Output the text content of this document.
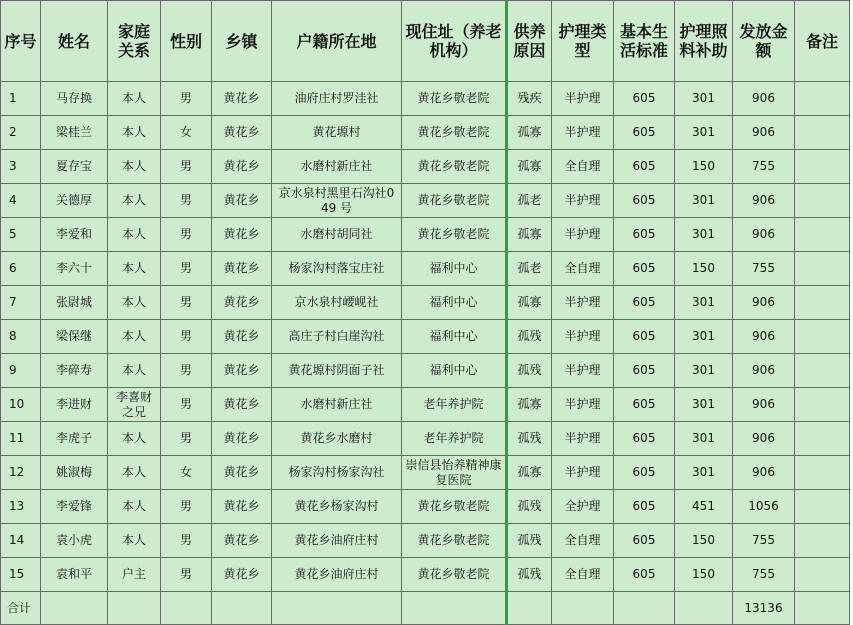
序号	姓名	家庭关系	性别	乡镇	户籍所在地	现住址（养老机构）	供养原因	护理类型	基本生活标准	护理照料补助	发放金额	备注
1	马存换	本人	男	黄花乡	油府庄村罗洼社	黄花乡敬老院	残疾	半护理	605	301	906	
2	梁桂兰	本人	女	黄花乡	黄花塬村	黄花乡敬老院	孤寡	半护理	605	301	906	
3	夏存宝	本人	男	黄花乡	水磨村新庄社	黄花乡敬老院	孤寡	全自理	605	150	755	
4	关德厚	本人	男	黄花乡	京水泉村黑里石沟社049 号	黄花乡敬老院	孤老	半护理	605	301	906	
5	李爱和	本人	男	黄花乡	水磨村胡同社	黄花乡敬老院	孤寡	半护理	605	301	906	
6	李六十	本人	男	黄花乡	杨家沟村落宝庄社	福利中心	孤老	全自理	605	150	755	
7	张尉城	本人	男	黄花乡	京水泉村崾岘社	福利中心	孤寡	半护理	605	301	906	
8	梁保继	本人	男	黄花乡	高庄子村白崖沟社	福利中心	孤残	半护理	605	301	906	
9	李碎寿	本人	男	黄花乡	黄花塬村阴面子社	福利中心	孤残	半护理	605	301	906	
10	李进财	李喜财之兄	男	黄花乡	水磨村新庄社	老年养护院	孤寡	半护理	605	301	906	
11	李虎子	本人	男	黄花乡	黄花乡水磨村	老年养护院	孤残	半护理	605	301	906	
12	姚淑梅	本人	女	黄花乡	杨家沟村杨家沟社	崇信县怡养精神康复医院	孤寡	半护理	605	301	906	
13	李爱锋	本人	男	黄花乡	黄花乡杨家沟村	黄花乡敬老院	孤残	全护理	605	451	1056	
14	袁小虎	本人	男	黄花乡	黄花乡油府庄村	黄花乡敬老院	孤残	全自理	605	150	755	
15	袁和平	户主	男	黄花乡	黄花乡油府庄村	黄花乡敬老院	孤残	全自理	605	150	755	
合计											13136	
